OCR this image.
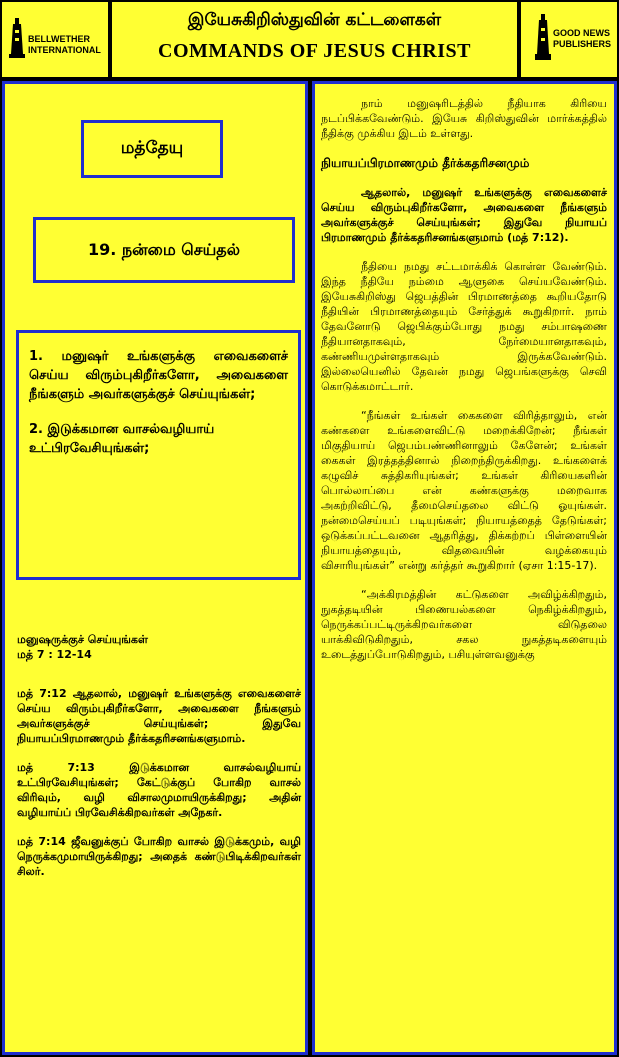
BELLWETHER
INTERNATIONAL
இயேசுகிறிஸ்துவின் கட்டளைகள்
COMMANDS OF JESUS CHRIST
GOOD NEWS
PUBLISHERS
மத்தேயு
19. நன்மை செய்தல்
1. மனுஷர் உங்களுக்கு எவைகளைச் செய்ய விரும்புகிறீர்களோ, அவைகளை நீங்களும் அவர்களுக்குச் செய்யுங்கள்;
2. இடுக்கமான வாசல்வழியாய் உட்பிரவேசியுங்கள்;
மனுஷருக்குச் செய்யுங்கள்
மத் 7 : 12-14
மத் 7:12 ஆதலால், மனுஷர் உங்களுக்கு எவைகளைச் செய்ய விரும்புகிறீர்களோ, அவைகளை நீங்களும் அவர்களுக்குச் செய்யுங்கள்; இதுவே நியாயப்பிரமாணமும் தீர்க்கதரிசனங்களுமாம்.
மத் 7:13 இடுக்கமான வாசல்வழியாய் உட்பிரவேசியுங்கள்; கேட்டுக்குப் போகிற வாசல் விரிவும், வழி விசாலமுமாயிருக்கிறது; அதின் வழியாய்ப் பிரவேசிக்கிறவர்கள் அநேகர்.
மத் 7:14 ஜீவனுக்குப் போகிற வாசல் இடுக்கமும், வழி நெருக்கமுமாயிருக்கிறது; அதைக் கண்டுபிடிக்கிறவர்கள் சிலர்.

நாம் மனுஷரிடத்தில் நீதியாக கிரியை நடப்பிக்கவேண்டும். இயேசு கிறிஸ்துவின் மார்க்கத்தில் நீதிக்கு முக்கிய இடம் உள்ளது.

நியாயப்பிரமாணமும் தீர்க்கதரிசனமும்

ஆதலால், மனுஷர் உங்களுக்கு எவைகளைச் செய்ய விரும்புகிறீர்களோ, அவைகளை நீங்களும் அவர்களுக்குச் செய்யுங்கள்; இதுவே நியாயப் பிரமாணமும் தீர்க்கதரிசனங்களுமாம் (மத் 7:12).

நீதியை நமது சட்டமாக்கிக் கொள்ள வேண்டும். இந்த நீதியே நம்மை ஆளுகை செய்யவேண்டும். இயேசுகிறிஸ்து ஜெபத்தின் பிரமாணத்தை கூறியதோடு நீதியின் பிரமாணத்தையும் சேர்த்துக் கூறுகிறார். நாம் தேவனோடு ஜெபிக்கும்போது நமது சம்பாஷணை நீதியானதாகவும், நேர்மையானதாகவும், கண்ணியமுள்ளதாகவும் இருக்கவேண்டும். இல்லையெனில் தேவன் நமது ஜெபங்களுக்கு செவி கொடுக்கமாட்டார்.

“நீங்கள் உங்கள் கைகளை விரித்தாலும், என் கண்களை உங்களைவிட்டு மறைக்கிறேன்; நீங்கள் மிகுதியாய் ஜெபம்பண்ணினாலும் கேளேன்; உங்கள் கைகள் இரத்தத்தினால் நிறைந்திருக்கிறது. உங்களைக் கழுவிச் சுத்திகரியுங்கள்; உங்கள் கிரியைகளின் பொல்லாப்பை என் கண்களுக்கு மறைவாக அகற்றிவிட்டு, தீமைசெய்தலை விட்டு ஓயுங்கள். நன்மைசெய்யப் படியுங்கள்; நியாயத்தைத் தேடுங்கள்; ஒடுக்கப்பட்டவனை ஆதரித்து, திக்கற்றப் பிள்ளையின் நியாயத்தையும், விதவையின் வழக்கையும் விசாரியுங்கள்” என்று கர்த்தர் கூறுகிறார் (ஏசா 1:15-17).

“அக்கிரமத்தின் கட்டுகளை அவிழ்க்கிறதும், நுகத்தடியின் பிணையல்களை நெகிழ்க்கிறதும், நெருக்கப்பட்டிருக்கிறவர்களை விடுதலை யாக்கிவிடுகிறதும், சகல நுகத்தடிகளையும் உடைத்துப்போடுகிறதும், பசியுள்ளவனுக்கு
